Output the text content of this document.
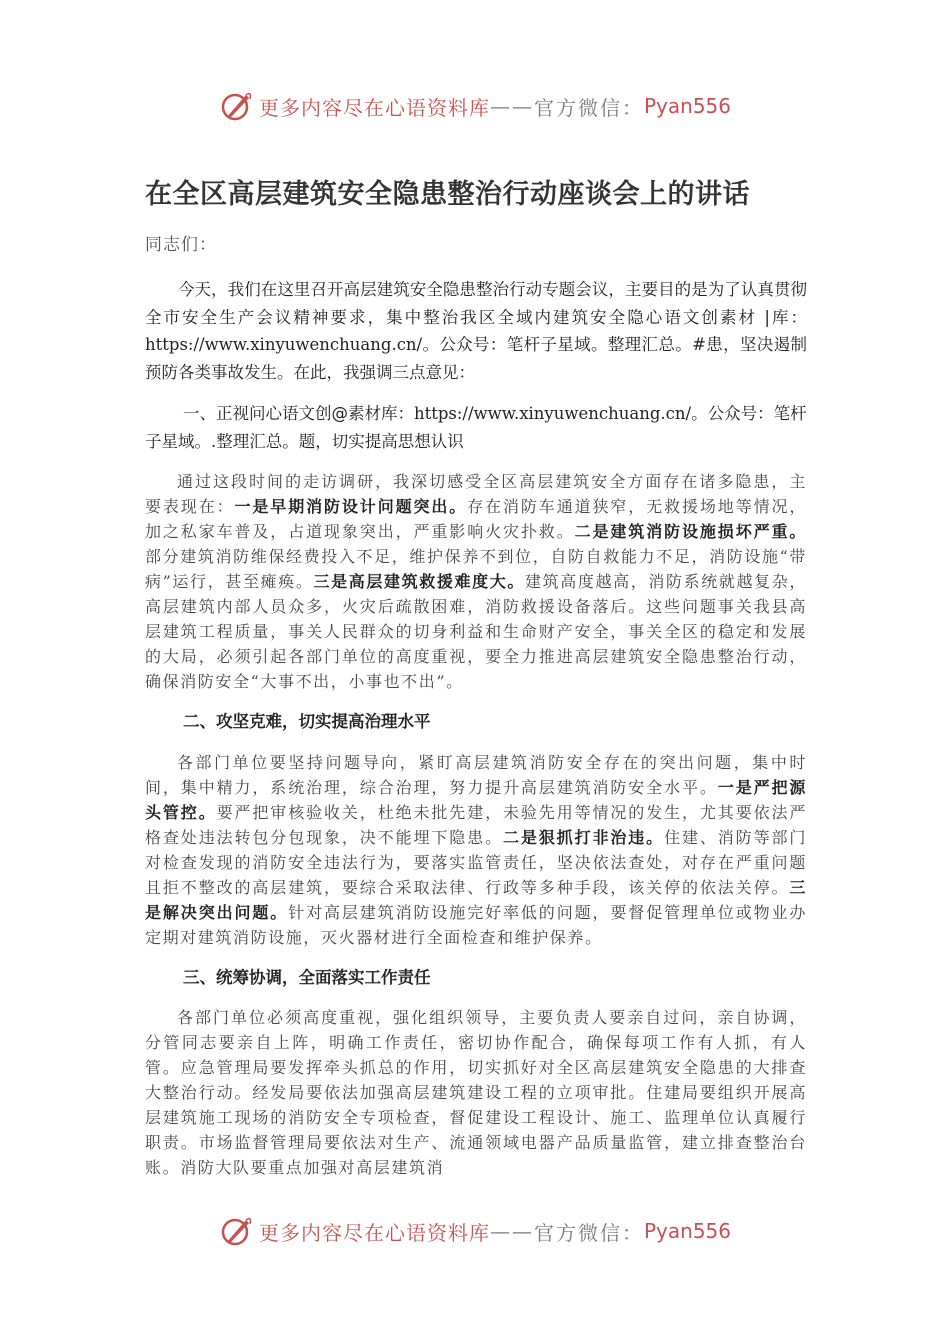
更多内容尽在心语资料库 —— 官方微信： Pyan556
在全区高层建筑安全隐患整治行动座谈会上的讲话

同志们：

今天，我们在这里召开高层建筑安全隐患整治行动专题会议，主要目的是为了认真贯彻全市安全生产会议精神要求，集中整治我区全域内建筑安全隐心语文创素材 |库：https://www.xinyuwenchuang.cn/。公众号：笔杆子星域。整理汇总。#患，坚决遏制预防各类事故发生。在此，我强调三点意见：

一、正视问心语文创@素材库：https://www.xinyuwenchuang.cn/。公众号：笔杆子星域。.整理汇总。题，切实提高思想认识

通过这段时间的走访调研，我深切感受全区高层建筑安全方面存在诸多隐患，主要表现在：一是早期消防设计问题突出。存在消防车通道狭窄，无救援场地等情况，加之私家车普及，占道现象突出，严重影响火灾扑救。二是建筑消防设施损坏严重。部分建筑消防维保经费投入不足，维护保养不到位，自防自救能力不足，消防设施“带病”运行，甚至瘫痪。三是高层建筑救援难度大。建筑高度越高，消防系统就越复杂，高层建筑内部人员众多，火灾后疏散困难，消防救援设备落后。这些问题事关我县高层建筑工程质量，事关人民群众的切身利益和生命财产安全，事关全区的稳定和发展的大局，必须引起各部门单位的高度重视，要全力推进高层建筑安全隐患整治行动，确保消防安全“大事不出，小事也不出”。

二、攻坚克难，切实提高治理水平

各部门单位要坚持问题导向，紧盯高层建筑消防安全存在的突出问题，集中时间，集中精力，系统治理，综合治理，努力提升高层建筑消防安全水平。一是严把源头管控。要严把审核验收关，杜绝未批先建，未验先用等情况的发生，尤其要依法严格查处违法转包分包现象，决不能埋下隐患。二是狠抓打非治违。住建、消防等部门对检查发现的消防安全违法行为，要落实监管责任，坚决依法查处，对存在严重问题且拒不整改的高层建筑，要综合采取法律、行政等多种手段，该关停的依法关停。三是解决突出问题。针对高层建筑消防设施完好率低的问题，要督促管理单位或物业办定期对建筑消防设施，灭火器材进行全面检查和维护保养。

三、统筹协调，全面落实工作责任

各部门单位必须高度重视，强化组织领导，主要负责人要亲自过问，亲自协调，分管同志要亲自上阵，明确工作责任，密切协作配合，确保每项工作有人抓，有人管。应急管理局要发挥牵头抓总的作用，切实抓好对全区高层建筑安全隐患的大排查大整治行动。经发局要依法加强高层建筑建设工程的立项审批。住建局要组织开展高层建筑施工现场的消防安全专项检查，督促建设工程设计、施工、监理单位认真履行职责。市场监督管理局要依法对生产、流通领域电器产品质量监管，建立排查整治台账。消防大队要重点加强对高层建筑消

更多内容尽在心语资料库 —— 官方微信： Pyan556
